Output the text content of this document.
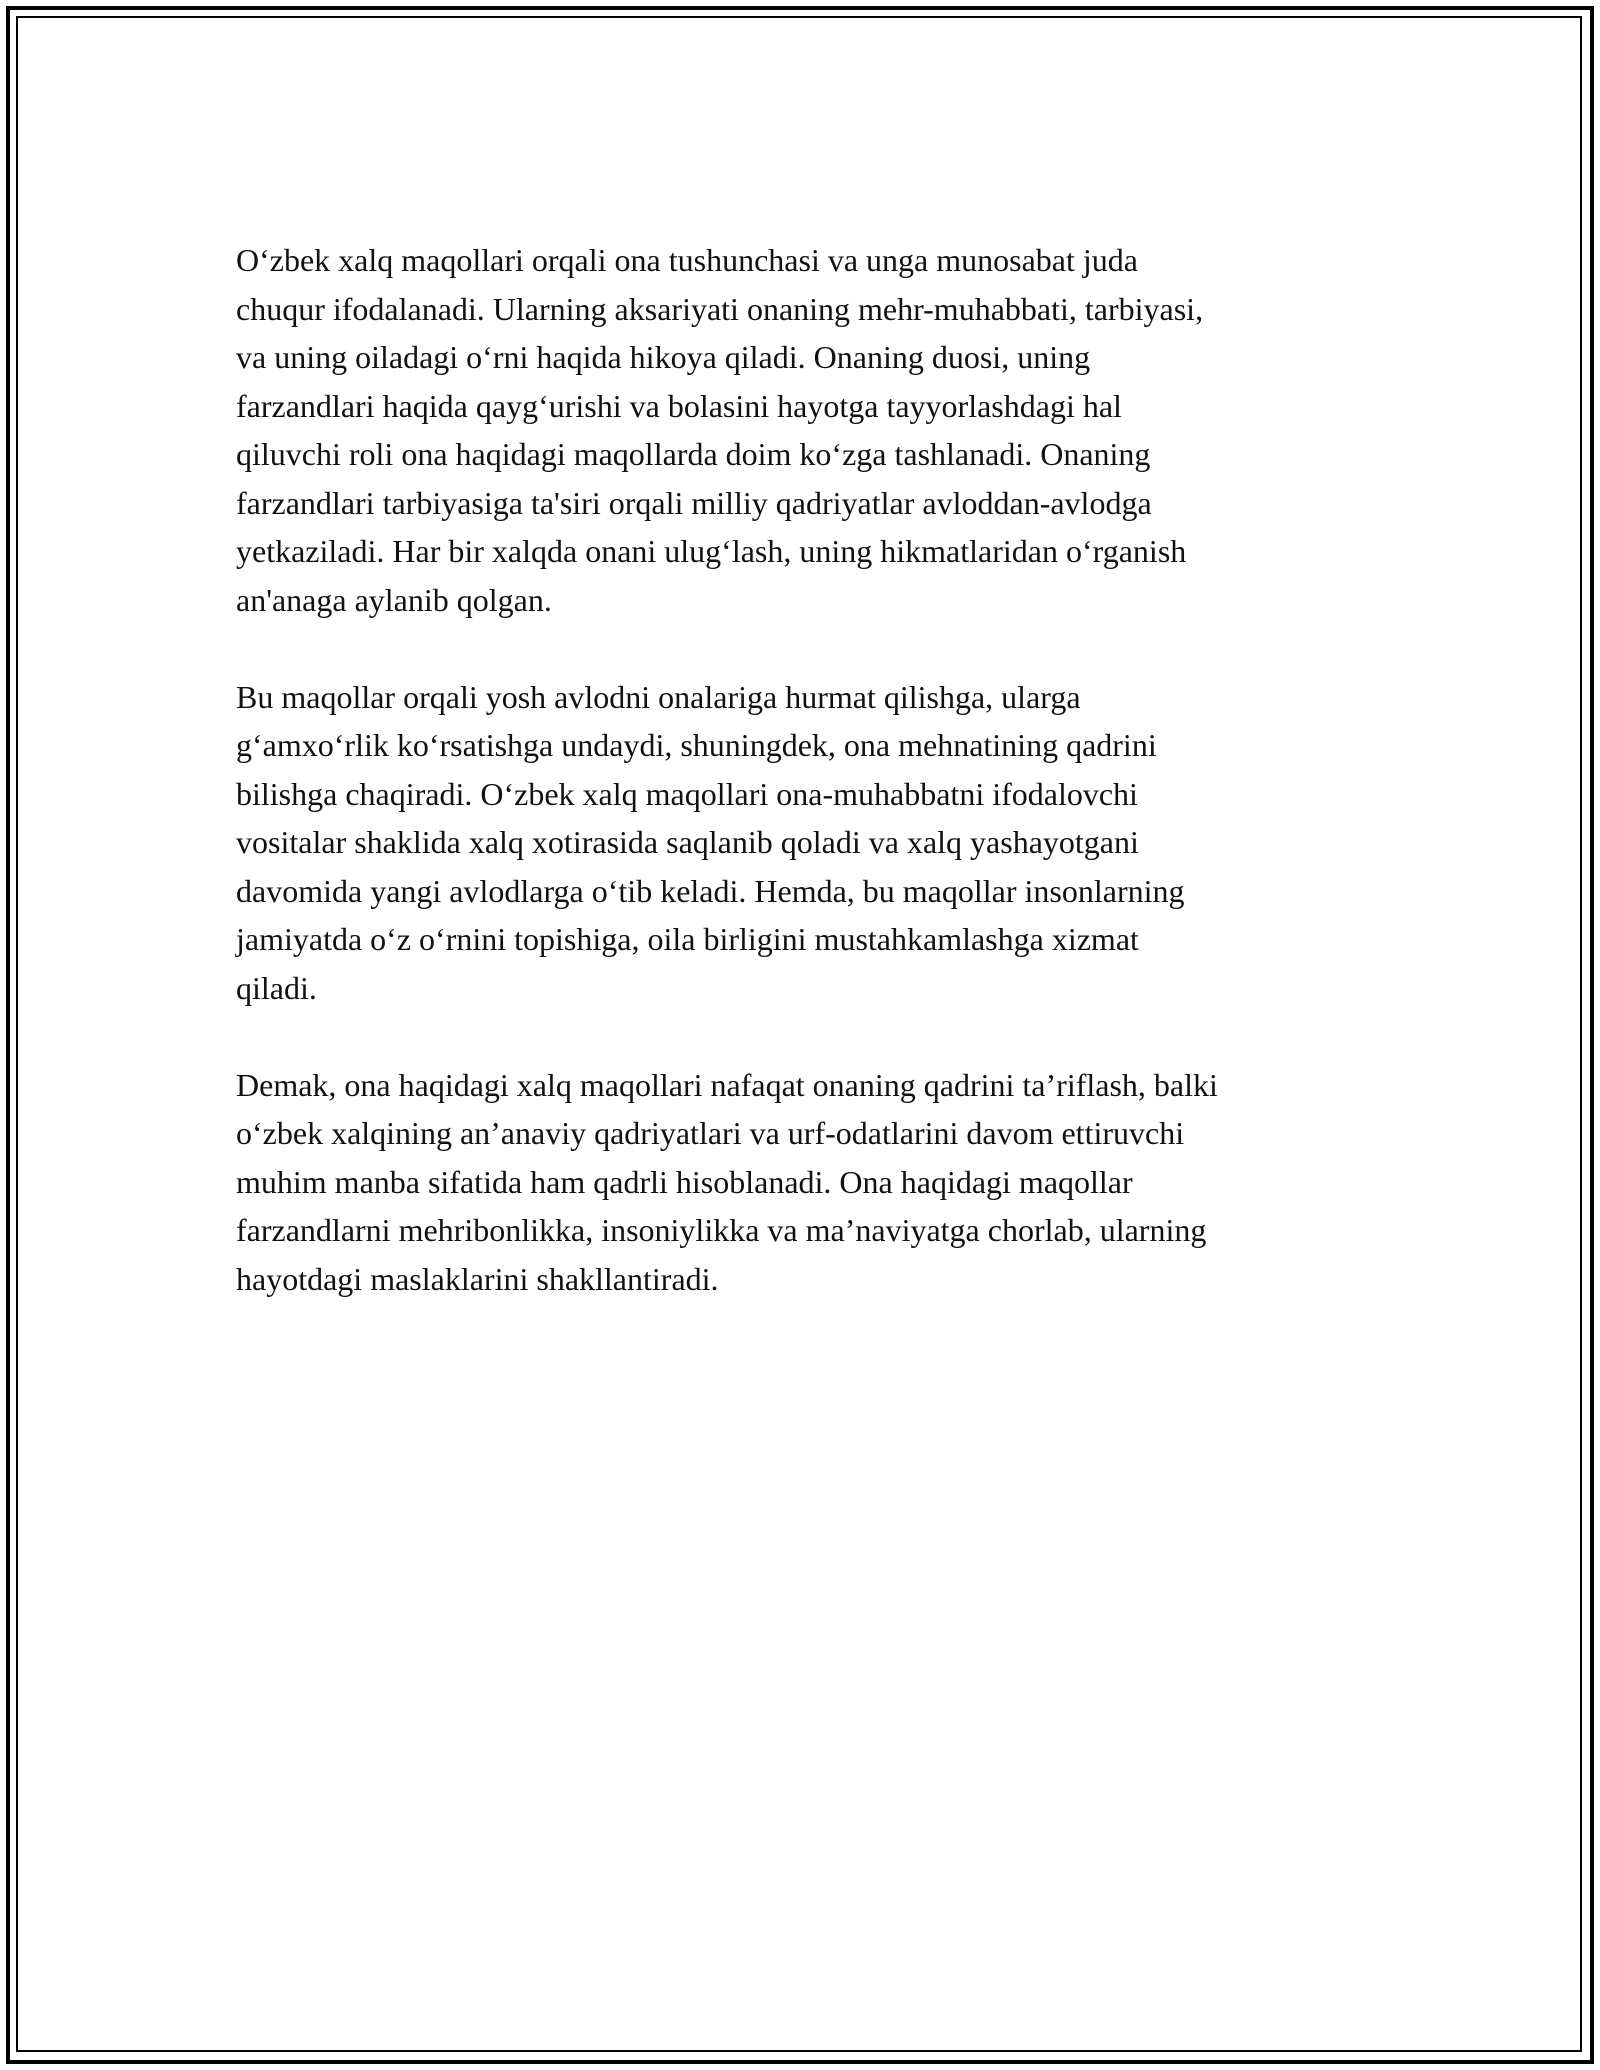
O‘zbek xalq maqollari orqali ona tushunchasi va unga munosabat juda
chuqur ifodalanadi. Ularning aksariyati onaning mehr-muhabbati, tarbiyasi,
va uning oiladagi o‘rni haqida hikoya qiladi. Onaning duosi, uning
farzandlari haqida qayg‘urishi va bolasini hayotga tayyorlashdagi hal
qiluvchi roli ona haqidagi maqollarda doim ko‘zga tashlanadi. Onaning
farzandlari tarbiyasiga ta'siri orqali milliy qadriyatlar avloddan-avlodga
yetkaziladi. Har bir xalqda onani ulug‘lash, uning hikmatlaridan o‘rganish
an'anaga aylanib qolgan.
Bu maqollar orqali yosh avlodni onalariga hurmat qilishga, ularga
g‘amxo‘rlik ko‘rsatishga undaydi, shuningdek, ona mehnatining qadrini
bilishga chaqiradi. O‘zbek xalq maqollari ona-muhabbatni ifodalovchi
vositalar shaklida xalq xotirasida saqlanib qoladi va xalq yashayotgani
davomida yangi avlodlarga o‘tib keladi. Hemda, bu maqollar insonlarning
jamiyatda o‘z o‘rnini topishiga, oila birligini mustahkamlashga xizmat
qiladi.
Demak, ona haqidagi xalq maqollari nafaqat onaning qadrini ta’riflash, balki
o‘zbek xalqining an’anaviy qadriyatlari va urf-odatlarini davom ettiruvchi
muhim manba sifatida ham qadrli hisoblanadi. Ona haqidagi maqollar
farzandlarni mehribonlikka, insoniylikka va ma’naviyatga chorlab, ularning
hayotdagi maslaklarini shakllantiradi.
